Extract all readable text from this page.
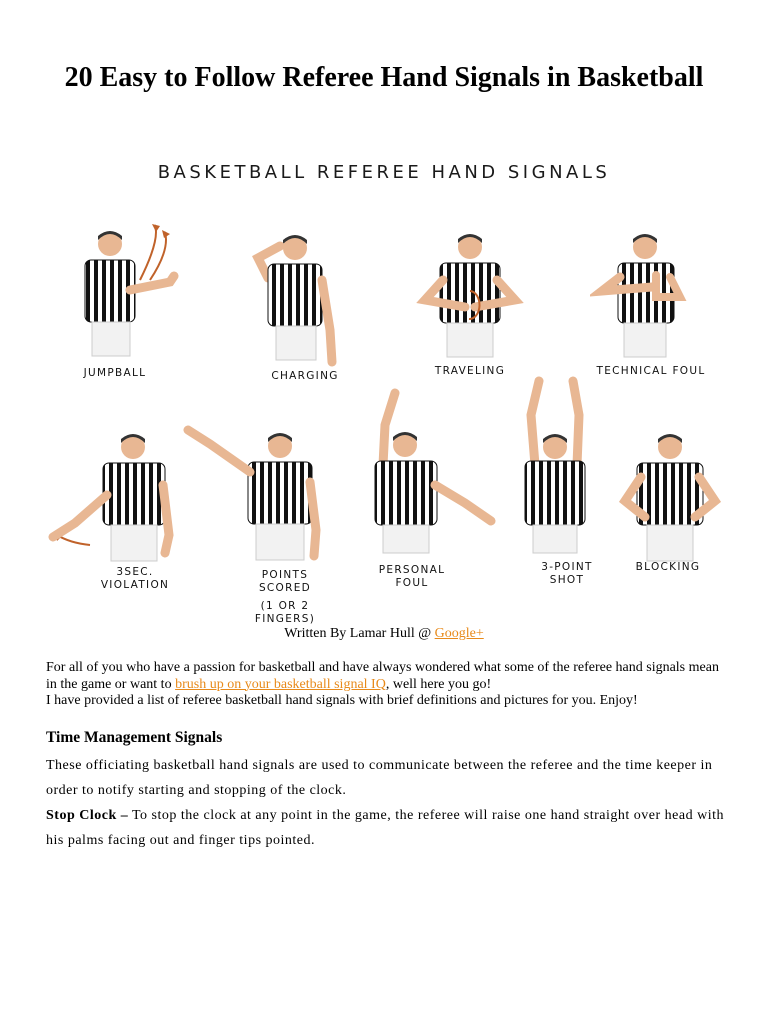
20 Easy to Follow Referee Hand Signals in Basketball
BASKETBALL REFEREE HAND SIGNALS
JUMPBALL	CHARGING	TRAVELING	TECHNICAL FOUL
3SEC. VIOLATION
POINTS SCORED
PERSONAL FOUL
3-POINT SHOT
BLOCKING
(1 OR 2 FINGERS)
Written By Lamar Hull @ Google+

For all of you who have a passion for basketball and have always wondered what some of the referee hand signals mean in the game or want to brush up on your basketball signal IQ, well here you go!

I have provided a list of referee basketball hand signals with brief definitions and pictures for you. Enjoy!

Time Management Signals

These officiating basketball hand signals are used to communicate between the referee and the time keeper in order to notify starting and stopping of the clock.

Stop Clock – To stop the clock at any point in the game, the referee will raise one hand straight over head with his palms facing out and finger tips pointed.
